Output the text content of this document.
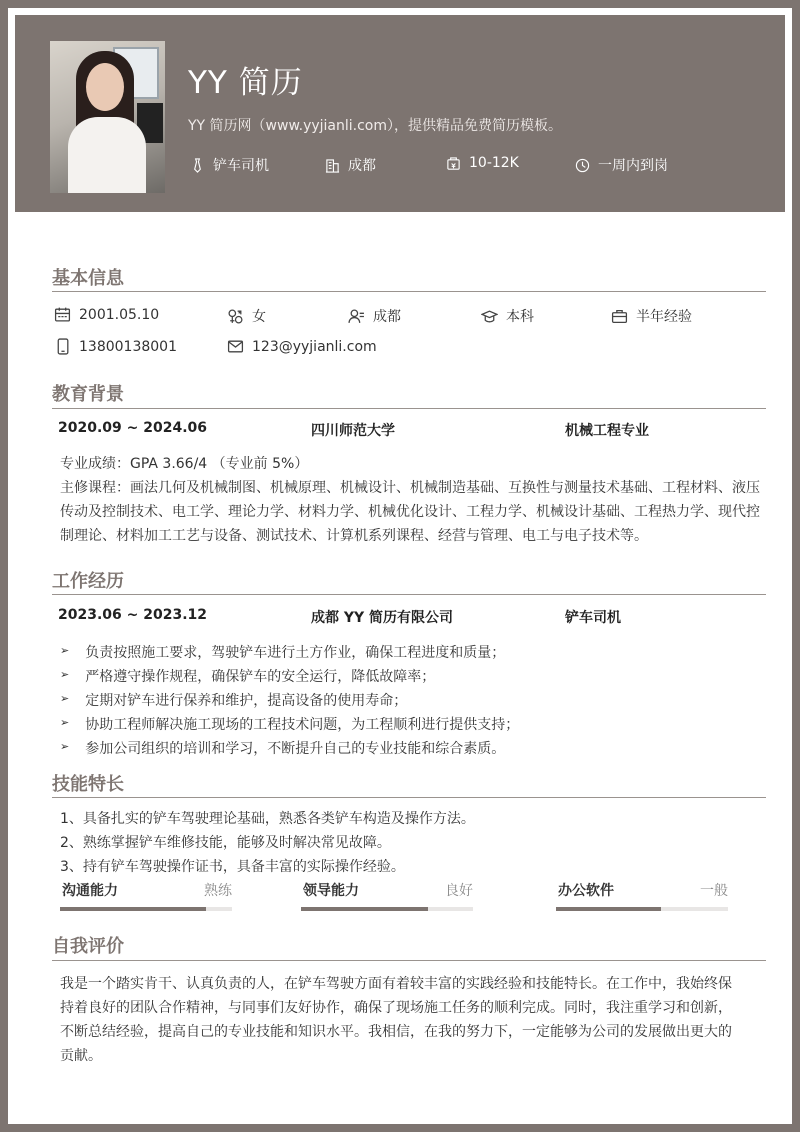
YY 简历
YY 简历网（www.yyjianli.com），提供精品免费简历模板。
铲车司机	成都	10-12K	一周内到岗
基本信息
2001.05.10	女	成都	本科	半年经验
13800138001	123@yyjianli.com
教育背景
2020.09 ~ 2024.06	四川师范大学	机械工程专业
专业成绩：GPA 3.66/4 （专业前 5%）
主修课程：画法几何及机械制图、机械原理、机械设计、机械制造基础、互换性与测量技术基础、工程材料、液压传动及控制技术、电工学、理论力学、材料力学、机械优化设计、工程力学、机械设计基础、工程热力学、现代控制理论、材料加工工艺与设备、测试技术、计算机系列课程、经营与管理、电工与电子技术等。
工作经历
2023.06 ~ 2023.12	成都 YY 简历有限公司	铲车司机
➢ 负责按照施工要求，驾驶铲车进行土方作业，确保工程进度和质量；
➢ 严格遵守操作规程，确保铲车的安全运行，降低故障率；
➢ 定期对铲车进行保养和维护，提高设备的使用寿命；
➢ 协助工程师解决施工现场的工程技术问题，为工程顺利进行提供支持；
➢ 参加公司组织的培训和学习，不断提升自己的专业技能和综合素质。
技能特长
1、具备扎实的铲车驾驶理论基础，熟悉各类铲车构造及操作方法。
2、熟练掌握铲车维修技能，能够及时解决常见故障。
3、持有铲车驾驶操作证书，具备丰富的实际操作经验。
沟通能力	熟练	领导能力	良好	办公软件	一般
自我评价
我是一个踏实肯干、认真负责的人，在铲车驾驶方面有着较丰富的实践经验和技能特长。在工作中，我始终保持着良好的团队合作精神，与同事们友好协作，确保了现场施工任务的顺利完成。同时，我注重学习和创新，不断总结经验，提高自己的专业技能和知识水平。我相信，在我的努力下，一定能够为公司的发展做出更大的贡献。
